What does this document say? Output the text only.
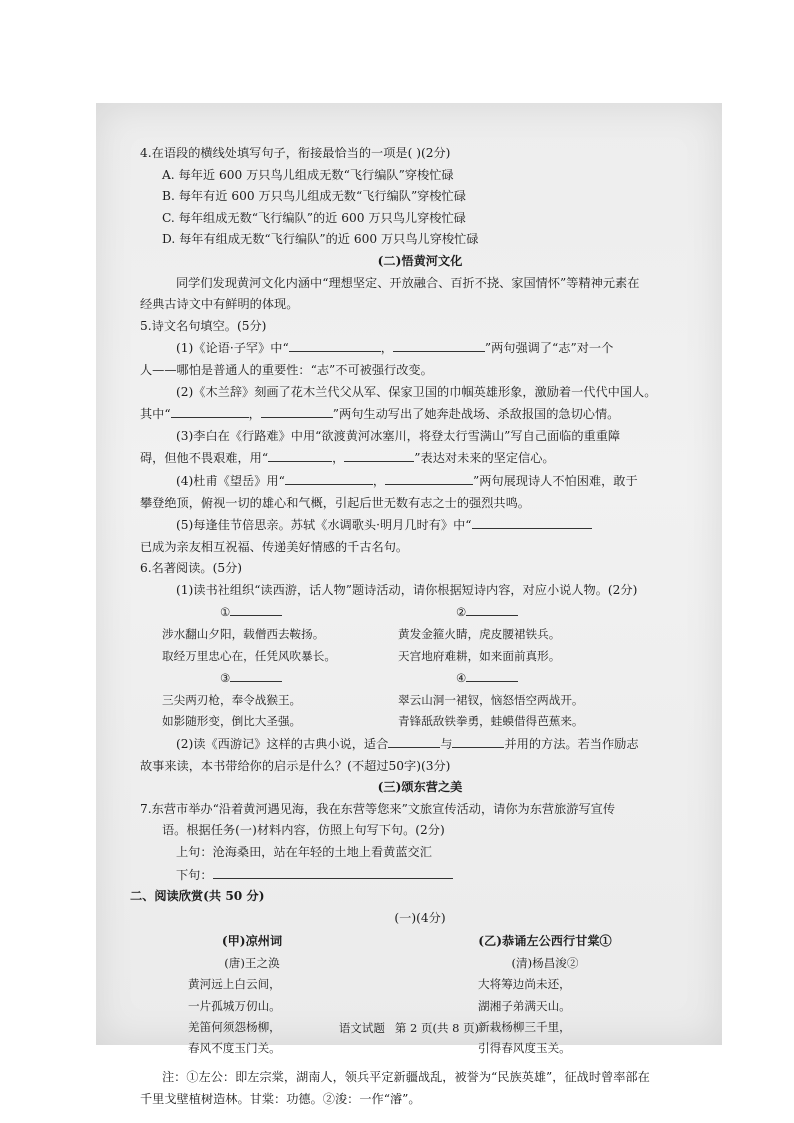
4.在语段的横线处填写句子，衔接最恰当的一项是( )(2分)
A. 每年近 600 万只鸟儿组成无数“飞行编队”穿梭忙碌
B. 每年有近 600 万只鸟儿组成无数“飞行编队”穿梭忙碌
C. 每年组成无数“飞行编队”的近 600 万只鸟儿穿梭忙碌
D. 每年有组成无数“飞行编队”的近 600 万只鸟儿穿梭忙碌
(二)悟黄河文化
同学们发现黄河文化内涵中“理想坚定、开放融合、百折不挠、家国情怀”等精神元素在
经典古诗文中有鲜明的体现。
5.诗文名句填空。(5分)
(1)《论语·子罕》中“	，	”两句强调了“志”对一个
人——哪怕是普通人的重要性：“志”不可被强行改变。
(2)《木兰辞》刻画了花木兰代父从军、保家卫国的巾帼英雄形象，激励着一代代中国人。
其中“	，	”两句生动写出了她奔赴战场、杀敌报国的急切心情。
(3)李白在《行路难》中用“欲渡黄河冰塞川，将登太行雪满山”写自己面临的重重障
碍，但他不畏艰难，用“	，	”表达对未来的坚定信心。
(4)杜甫《望岳》用“	，	”两句展现诗人不怕困难，敢于
攀登绝顶，俯视一切的雄心和气概，引起后世无数有志之士的强烈共鸣。
(5)每逢佳节倍思亲。苏轼《水调歌头·明月几时有》中“
已成为亲友相互祝福、传递美好情感的千古名句。
6.名著阅读。(5分)
(1)读书社组织“读西游，话人物”题诗活动，请你根据短诗内容，对应小说人物。(2分)
①
涉水翻山夕阳，载僧西去鞍扬。
取经万里忠心在，任凭风吹暴长。
③
三尖两刃枪，奉令战猴王。
如影随形变，倒比大圣强。
②
黄发金箍火睛，虎皮腰裙铁兵。
天宫地府难耕，如来面前真形。
④
翠云山洞一裙钗，恼怒悟空两战开。
青锋舐敌铁拳勇，蛙蟆借得芭蕉来。
(2)读《西游记》这样的古典小说，适合	与	并用的方法。若当作励志
故事来读，本书带给你的启示是什么？(不超过50字)(3分)
(三)颂东营之美
7.东营市举办“沿着黄河遇见海，我在东营等您来”文旅宣传活动，请你为东营旅游写宣传
语。根据任务(一)材料内容，仿照上句写下句。(2分)
上句：沧海桑田，站在年轻的土地上看黄蓝交汇
下句：
二、阅读欣赏(共 50 分)
(一)(4分)
(甲)凉州词
(唐)王之涣
黄河远上白云间，
一片孤城万仞山。
羌笛何须怨杨柳，
春风不度玉门关。
(乙)恭诵左公西行甘棠①
(清)杨昌浚②
大将筹边尚未还，
湖湘子弟满天山。
新栽杨柳三千里，
引得春风度玉关。
注：①左公：即左宗棠，湖南人，领兵平定新疆战乱，被誉为“民族英雄”，征战时曾率部在
千里戈壁植树造林。甘棠：功德。②浚：一作“濬”。
语文试题 第 2 页(共 8 页)
